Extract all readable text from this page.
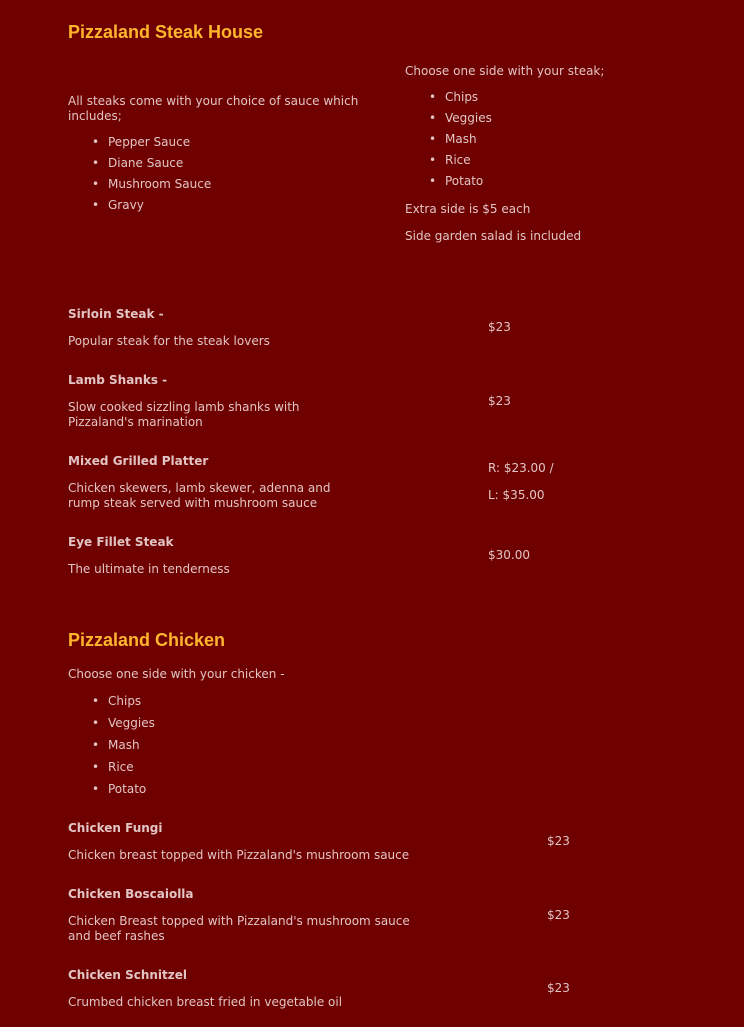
Pizzaland Steak House

All steaks come with your choice of sauce which includes;

• Pepper Sauce
• Diane Sauce
• Mushroom Sauce
• Gravy

Choose one side with your steak;

• Chips
• Veggies
• Mash
• Rice
• Potato

Extra side is $5 each

Side garden salad is included

Sirloin Steak -

Popular steak for the steak lovers

$23

Lamb Shanks -

Slow cooked sizzling lamb shanks with Pizzaland's marination

$23

Mixed Grilled Platter

Chicken skewers, lamb skewer, adenna and rump steak served with mushroom sauce

R: $23.00 /

L: $35.00

Eye Fillet Steak

The ultimate in tenderness

$30.00

Pizzaland Chicken

Choose one side with your chicken -

• Chips
• Veggies
• Mash
• Rice
• Potato

Chicken Fungi

Chicken breast topped with Pizzaland's mushroom sauce

$23

Chicken Boscaiolla

Chicken Breast topped with Pizzaland's mushroom sauce and beef rashes

$23

Chicken Schnitzel

Crumbed chicken breast fried in vegetable oil

$23
